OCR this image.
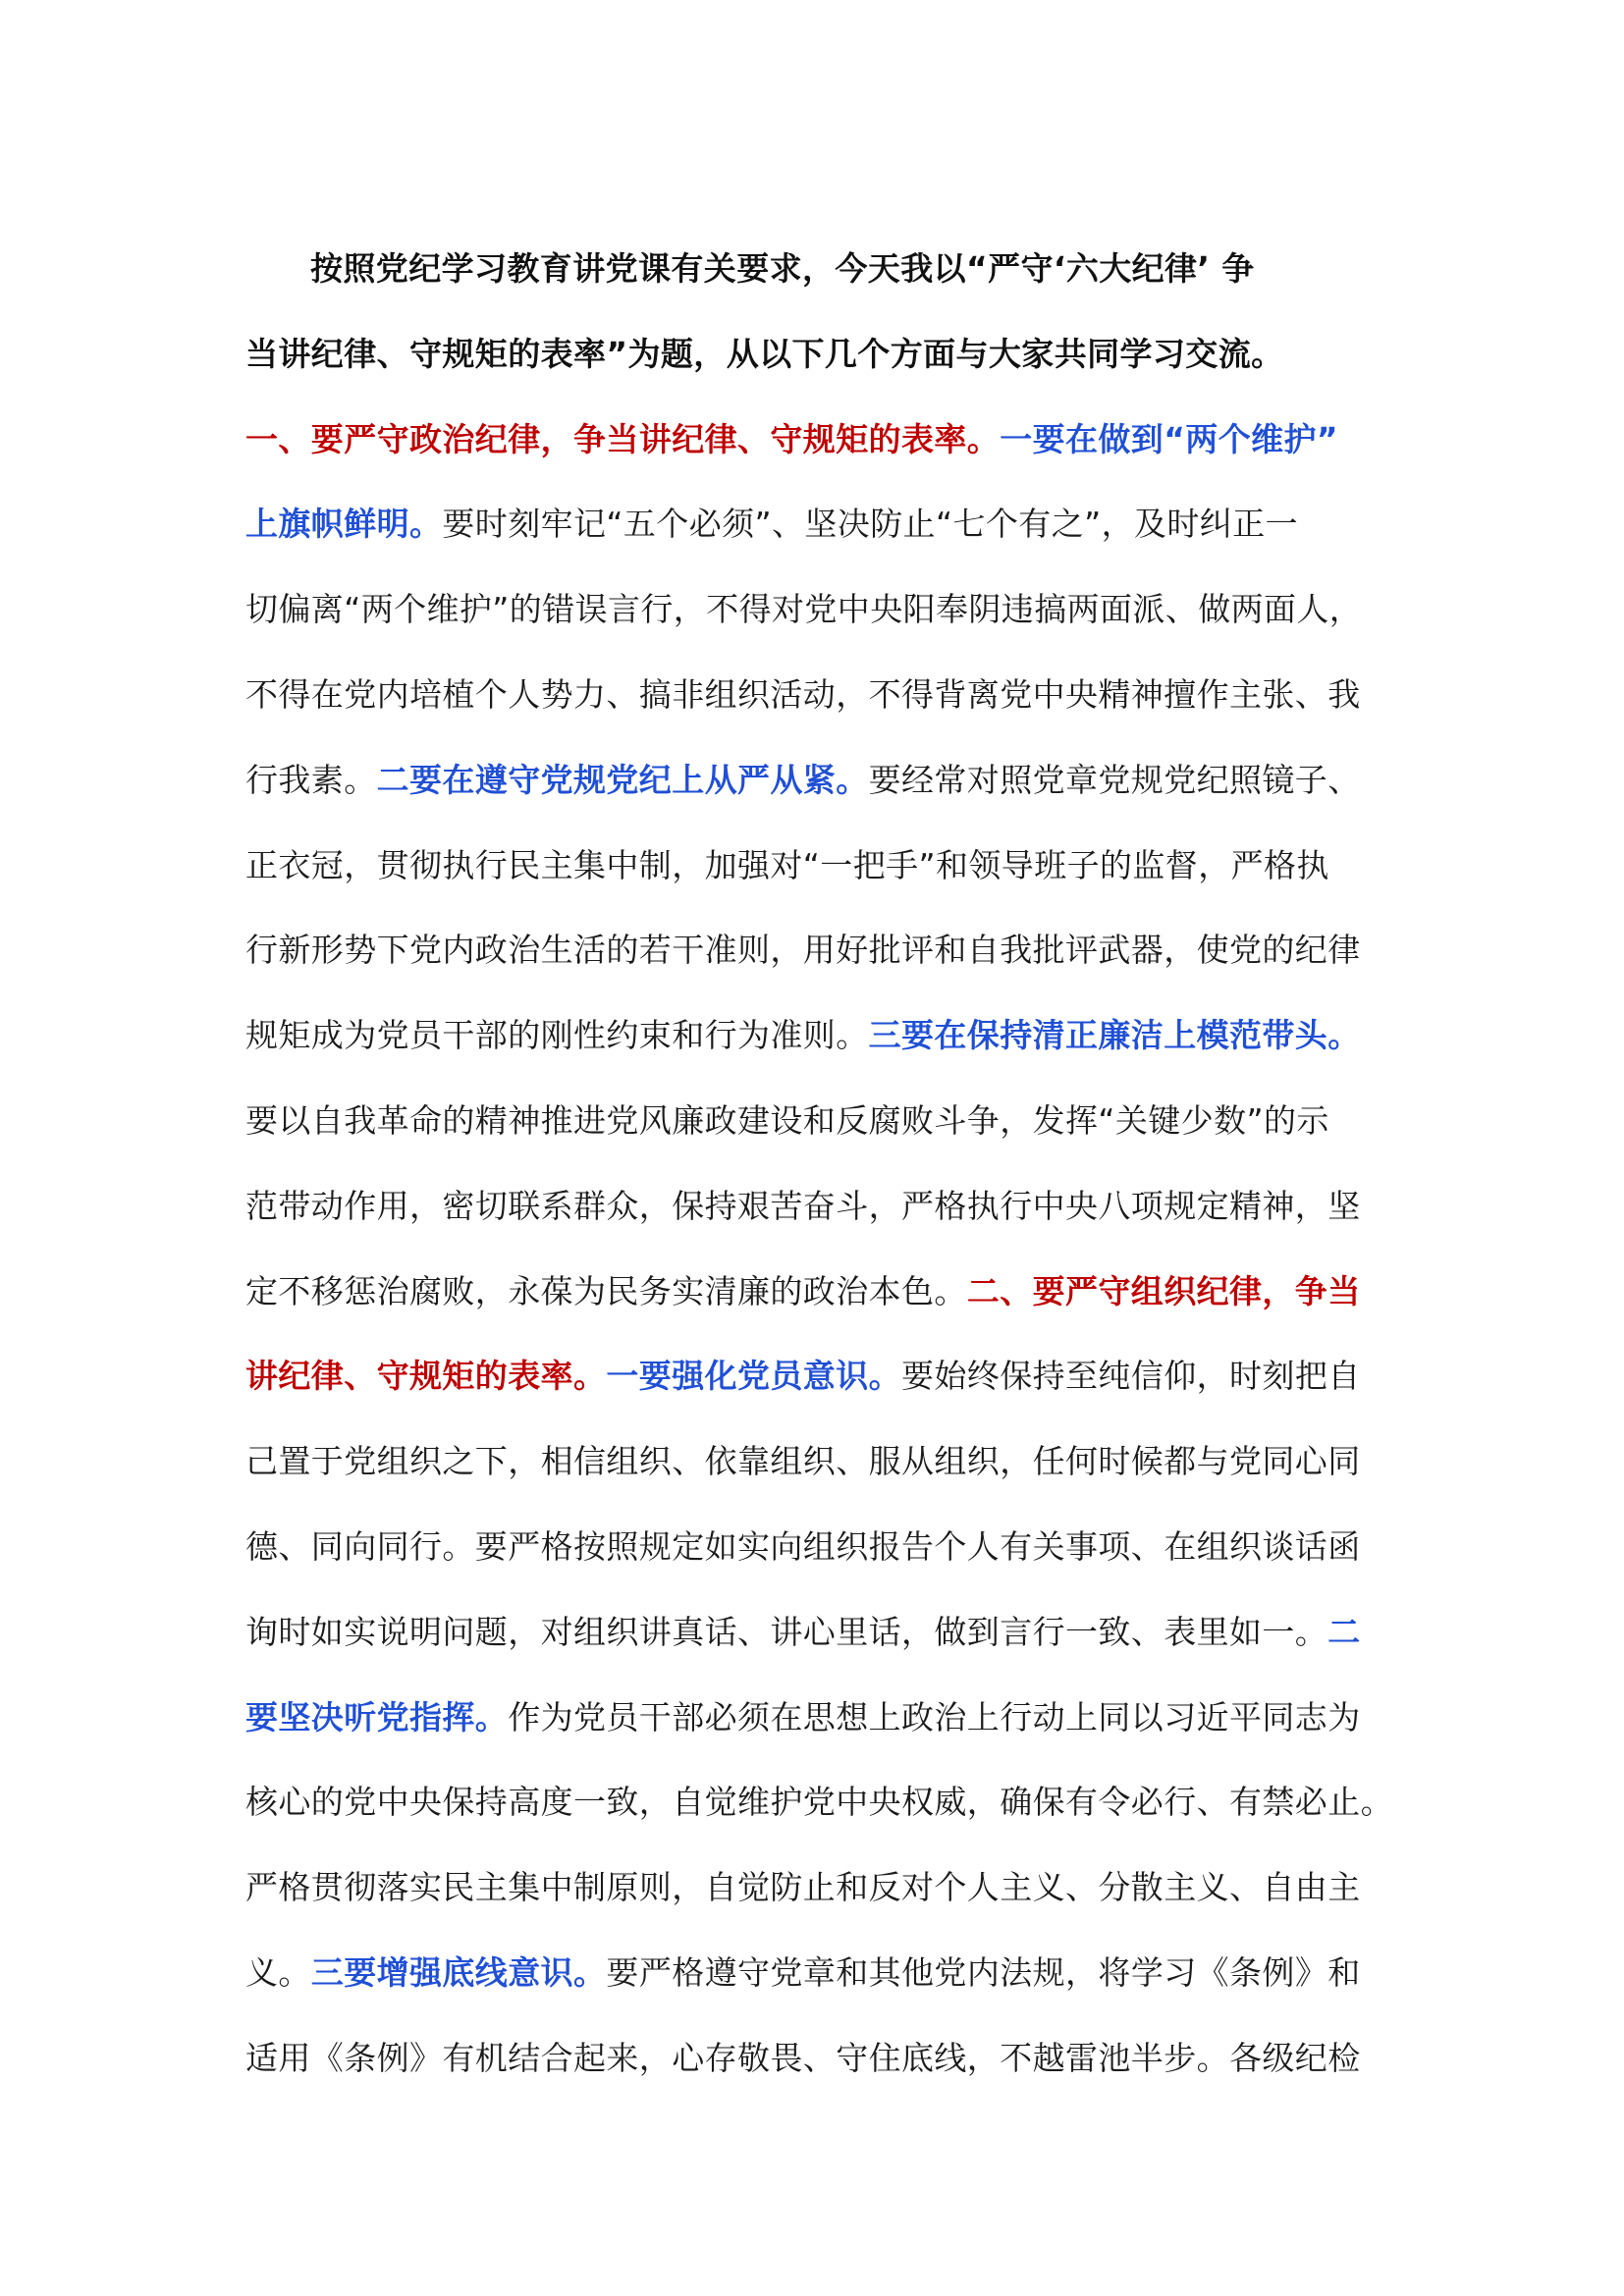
按照党纪学习教育讲党课有关要求，今天我以“严守‘六大纪律’ 争
当讲纪律、守规矩的表率”为题，从以下几个方面与大家共同学习交流。
一、要严守政治纪律，争当讲纪律、守规矩的表率。一要在做到“两个维护”
上旗帜鲜明。要时刻牢记“五个必须”、坚决防止“七个有之”，及时纠正一
切偏离“两个维护”的错误言行，不得对党中央阳奉阴违搞两面派、做两面人，
不得在党内培植个人势力、搞非组织活动，不得背离党中央精神擅作主张、我
行我素。二要在遵守党规党纪上从严从紧。要经常对照党章党规党纪照镜子、
正衣冠，贯彻执行民主集中制，加强对“一把手”和领导班子的监督，严格执
行新形势下党内政治生活的若干准则，用好批评和自我批评武器，使党的纪律
规矩成为党员干部的刚性约束和行为准则。三要在保持清正廉洁上模范带头。
要以自我革命的精神推进党风廉政建设和反腐败斗争，发挥“关键少数”的示
范带动作用，密切联系群众，保持艰苦奋斗，严格执行中央八项规定精神，坚
定不移惩治腐败，永葆为民务实清廉的政治本色。二、要严守组织纪律，争当
讲纪律、守规矩的表率。一要强化党员意识。要始终保持至纯信仰，时刻把自
己置于党组织之下，相信组织、依靠组织、服从组织，任何时候都与党同心同
德、同向同行。要严格按照规定如实向组织报告个人有关事项、在组织谈话函
询时如实说明问题，对组织讲真话、讲心里话，做到言行一致、表里如一。二
要坚决听党指挥。作为党员干部必须在思想上政治上行动上同以习近平同志为
核心的党中央保持高度一致，自觉维护党中央权威，确保有令必行、有禁必止。
严格贯彻落实民主集中制原则，自觉防止和反对个人主义、分散主义、自由主
义。三要增强底线意识。要严格遵守党章和其他党内法规，将学习《条例》和
适用《条例》有机结合起来，心存敬畏、守住底线，不越雷池半步。各级纪检
